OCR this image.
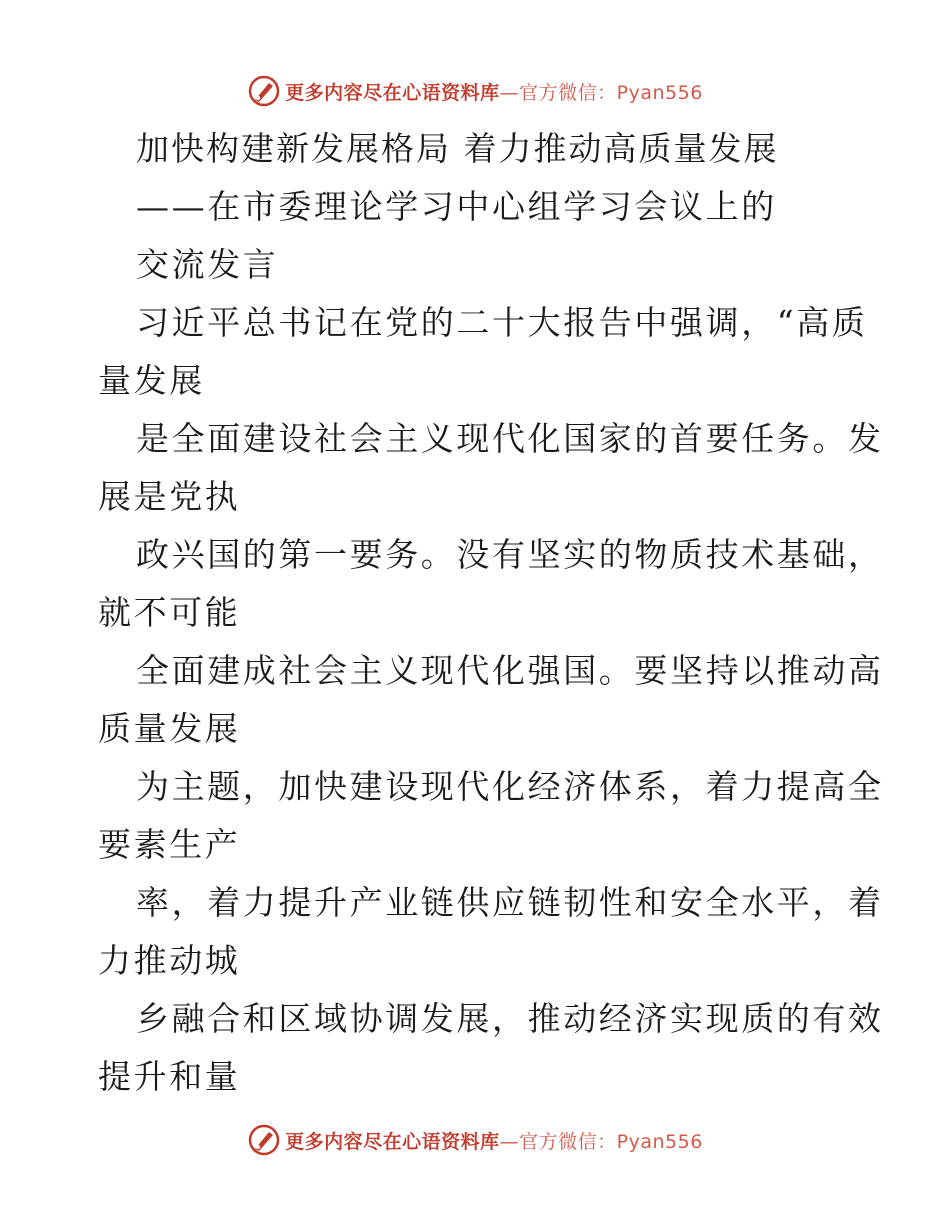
更多内容尽在心语资料库 —官方微信：Pyan556
加快构建新发展格局 着力推动高质量发展
——在市委理论学习中心组学习会议上的
交流发言
习近平总书记在党的二十大报告中强调，“高质
量发展
是全面建设社会主义现代化国家的首要任务。发
展是党执
政兴国的第一要务。没有坚实的物质技术基础，
就不可能
全面建成社会主义现代化强国。要坚持以推动高
质量发展
为主题，加快建设现代化经济体系，着力提高全
要素生产
率，着力提升产业链供应链韧性和安全水平，着
力推动城
乡融合和区域协调发展，推动经济实现质的有效
提升和量
更多内容尽在心语资料库 —官方微信：Pyan556
